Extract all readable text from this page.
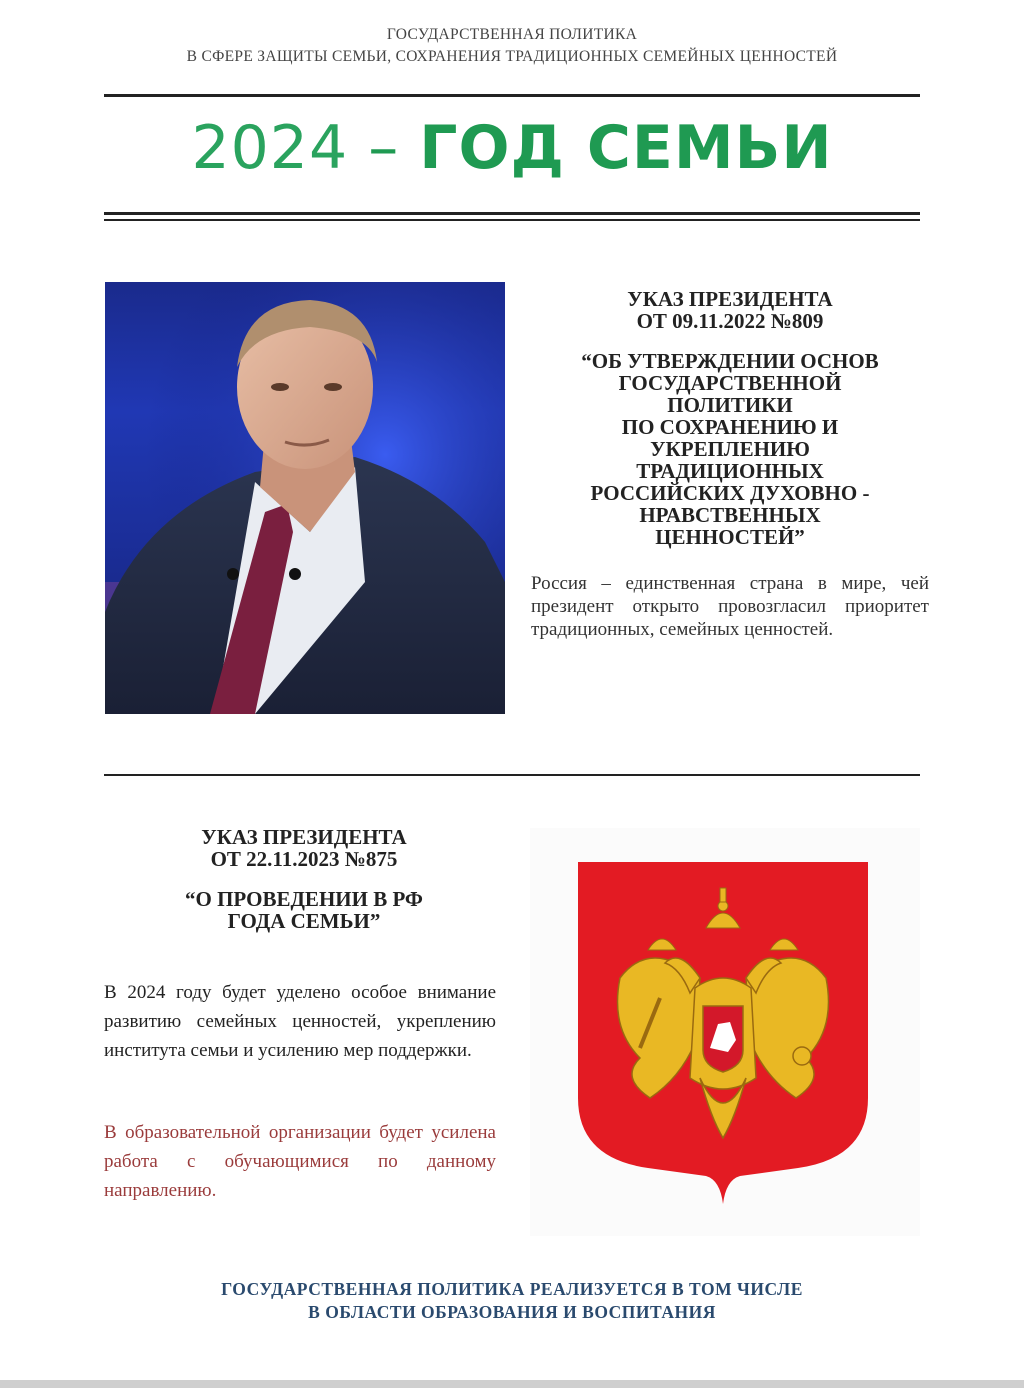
ГОСУДАРСТВЕННАЯ ПОЛИТИКА
В СФЕРЕ ЗАЩИТЫ СЕМЬИ, СОХРАНЕНИЯ ТРАДИЦИОННЫХ СЕМЕЙНЫХ ЦЕННОСТЕЙ
2024 – ГОД СЕМЬИ
УКАЗ ПРЕЗИДЕНТА
ОТ 09.11.2022 №809
“ОБ УТВЕРЖДЕНИИ ОСНОВ
ГОСУДАРСТВЕННОЙ
ПОЛИТИКИ
ПО СОХРАНЕНИЮ И
УКРЕПЛЕНИЮ
ТРАДИЦИОННЫХ
РОССИЙСКИХ ДУХОВНО -
НРАВСТВЕННЫХ
ЦЕННОСТЕЙ”
Россия – единственная страна в мире, чей президент открыто провозгласил приоритет традиционных, семейных ценностей.
УКАЗ ПРЕЗИДЕНТА
ОТ 22.11.2023 №875
“О ПРОВЕДЕНИИ В РФ
ГОДА СЕМЬИ”
В 2024 году будет уделено особое внимание развитию семейных ценностей, укреплению института семьи и усилению мер поддержки.
В образовательной организации будет усилена работа с обучающимися по данному направлению.
ГОСУДАРСТВЕННАЯ ПОЛИТИКА РЕАЛИЗУЕТСЯ В ТОМ ЧИСЛЕ
В ОБЛАСТИ ОБРАЗОВАНИЯ И ВОСПИТАНИЯ
